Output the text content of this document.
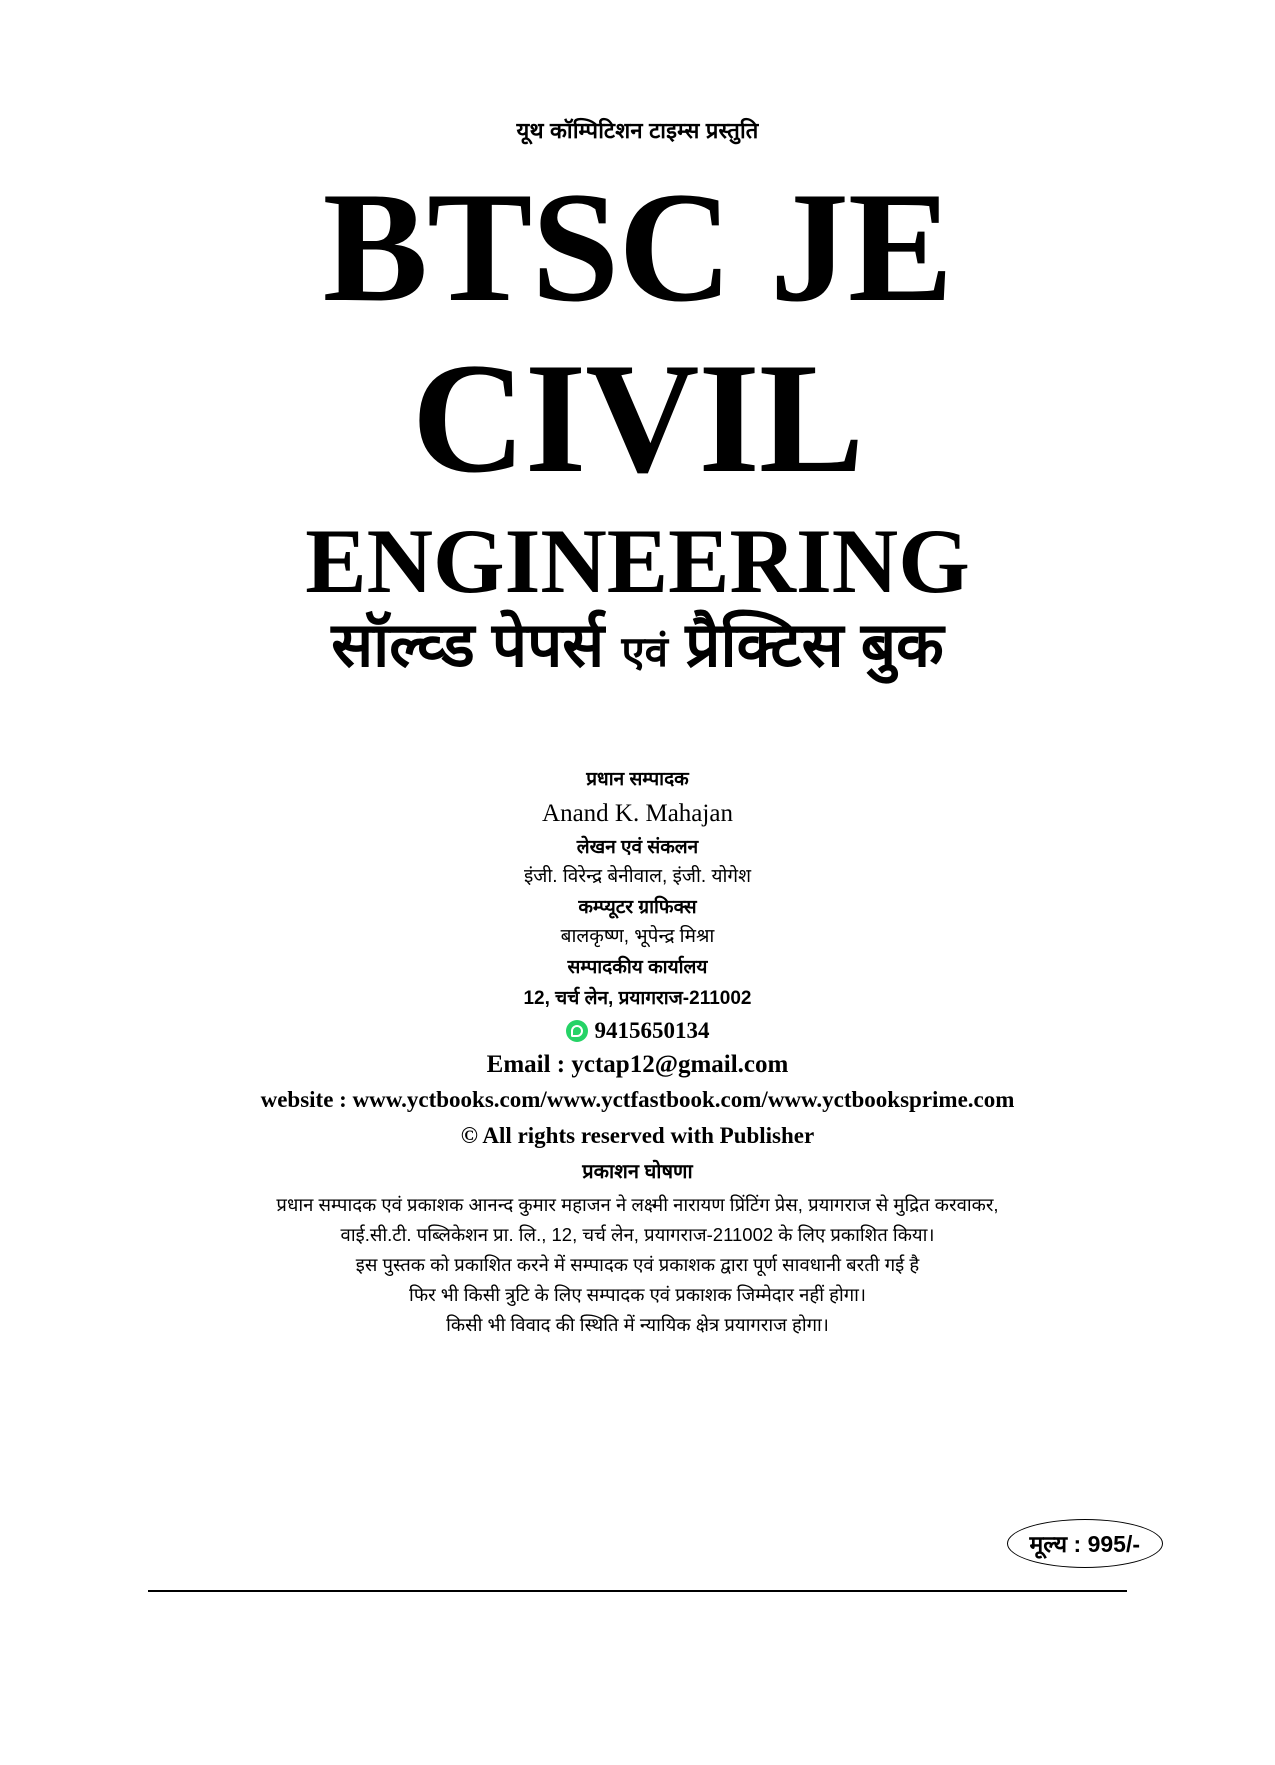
यूथ कॉम्पिटिशन टाइम्स प्रस्तुति
BTSC JE
CIVIL
ENGINEERING
सॉल्व्ड पेपर्स एवं प्रैक्टिस बुक

प्रधान सम्पादक

Anand K. Mahajan

लेखन एवं संकलन

इंजी. विरेन्द्र बेनीवाल, इंजी. योगेश

कम्प्यूटर ग्राफिक्स

बालकृष्ण, भूपेन्द्र मिश्रा

सम्पादकीय कार्यालय

12, चर्च लेन, प्रयागराज-211002

9415650134

Email : yctap12@gmail.com

website : www.yctbooks.com/www.yctfastbook.com/www.yctbooksprime.com

© All rights reserved with Publisher

प्रकाशन घोषणा

प्रधान सम्पादक एवं प्रकाशक आनन्द कुमार महाजन ने लक्ष्मी नारायण प्रिंटिंग प्रेस, प्रयागराज से मुद्रित करवाकर,

वाई.सी.टी. पब्लिकेशन प्रा. लि., 12, चर्च लेन, प्रयागराज-211002 के लिए प्रकाशित किया।

इस पुस्तक को प्रकाशित करने में सम्पादक एवं प्रकाशक द्वारा पूर्ण सावधानी बरती गई है

फिर भी किसी त्रुटि के लिए सम्पादक एवं प्रकाशक जिम्मेदार नहीं होगा।

किसी भी विवाद की स्थिति में न्यायिक क्षेत्र प्रयागराज होगा।

मूल्य : 995/-
